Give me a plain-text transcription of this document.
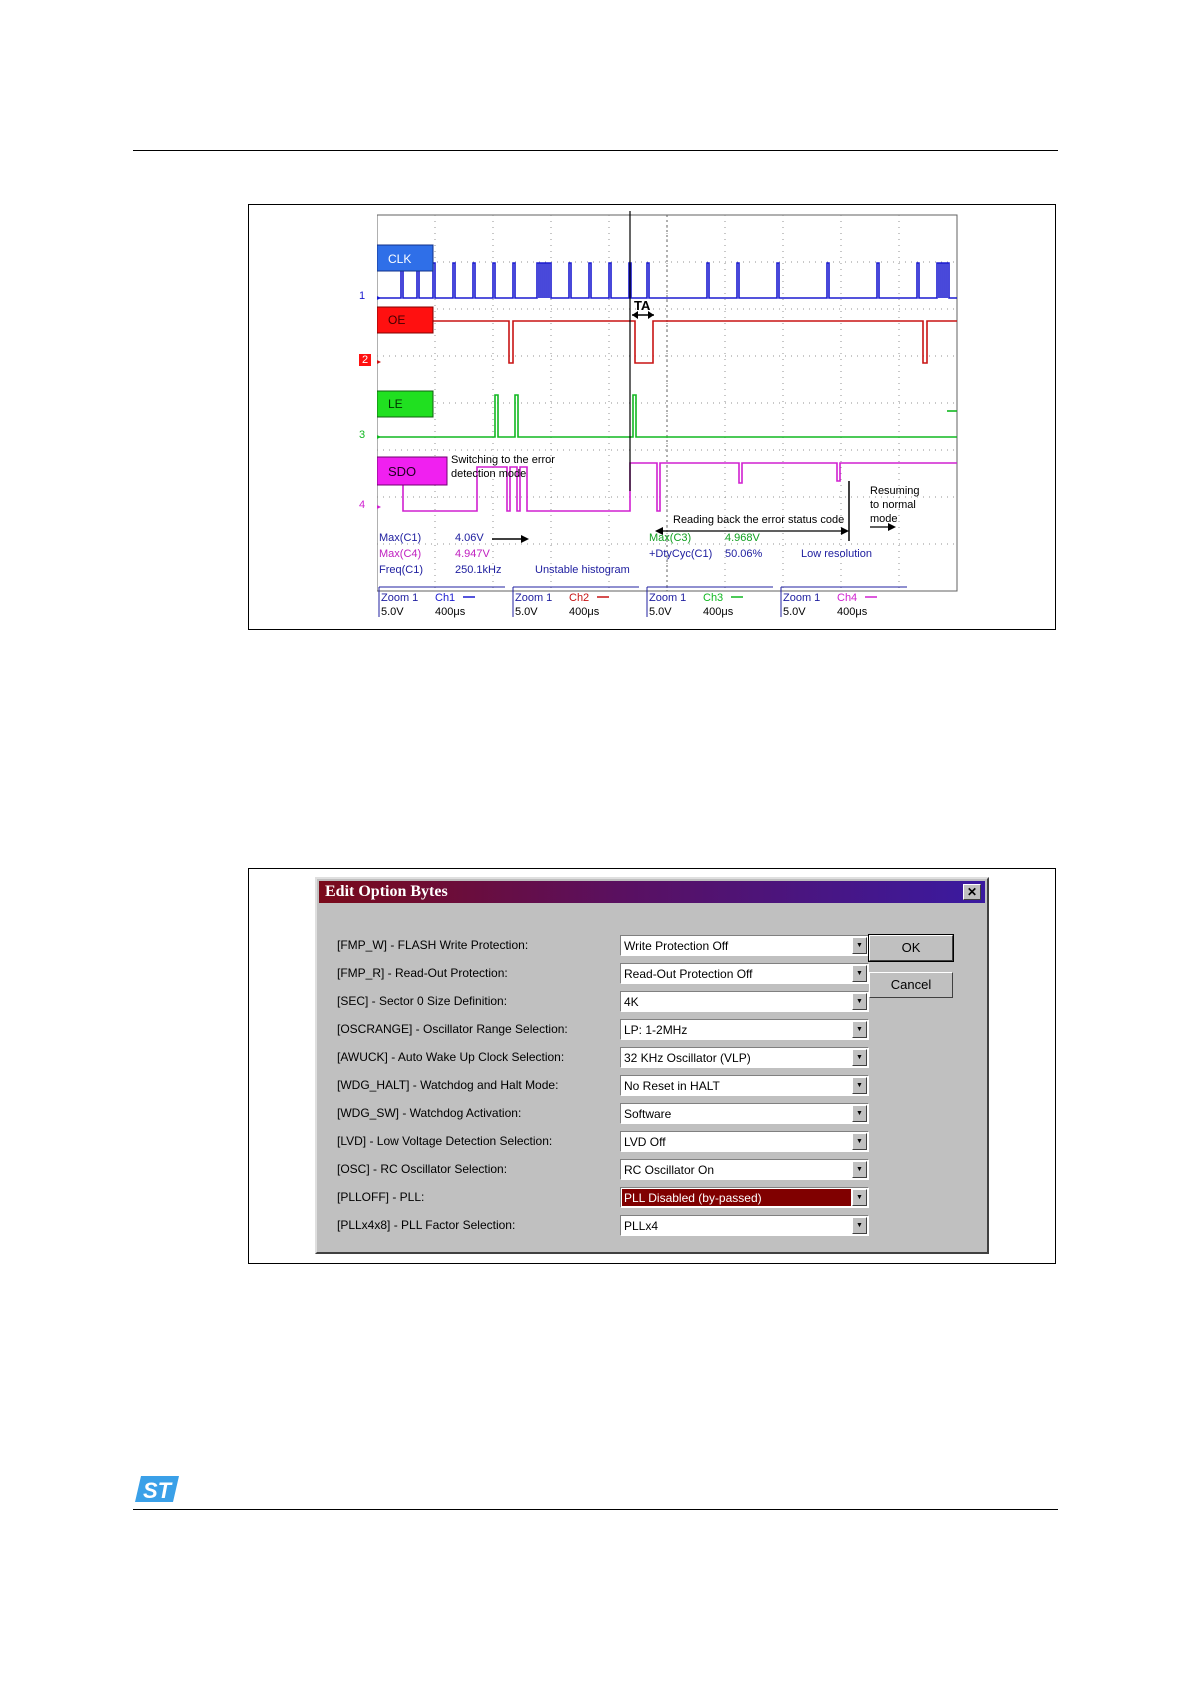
CLK
OE
LE
SDO
TA
Switching to the error detection mode
Reading back the error status code
Resuming to normal mode
Max(C1)	4.06V
Max(C4)	4.947V
Freq(C1)	250.1kHz	Unstable histogram
Max(C3)	4.968V
+DtyCyc(C1) 50.06%	Low resolution
Zoom 1 Ch1
5.0V	400μs
Zoom 1 Ch2
5.0V	400μs
Zoom 1 Ch3
5.0V	400μs
Zoom 1 Ch4
5.0V	400μs
1
2
3
4
Edit Option Bytes	✕
[FMP_W] - FLASH Write Protection:	Write Protection Off	▼
[FMP_R] - Read-Out Protection:	Read-Out Protection Off	▼
[SEC] - Sector 0 Size Definition:	4K	▼
[OSCRANGE] - Oscillator Range Selection:	LP: 1-2MHz	▼
[AWUCK] - Auto Wake Up Clock Selection:	32 KHz Oscillator (VLP)	▼
[WDG_HALT] - Watchdog and Halt Mode:	No Reset in HALT	▼
[WDG_SW] - Watchdog Activation:	Software	▼
[LVD] - Low Voltage Detection Selection:	LVD Off	▼
[OSC] - RC Oscillator Selection:	RC Oscillator On	▼
[PLLOFF] - PLL:	PLL Disabled (by-passed)	▼
[PLLx4x8] - PLL Factor Selection:	PLLx4	▼
OK
Cancel
ST
